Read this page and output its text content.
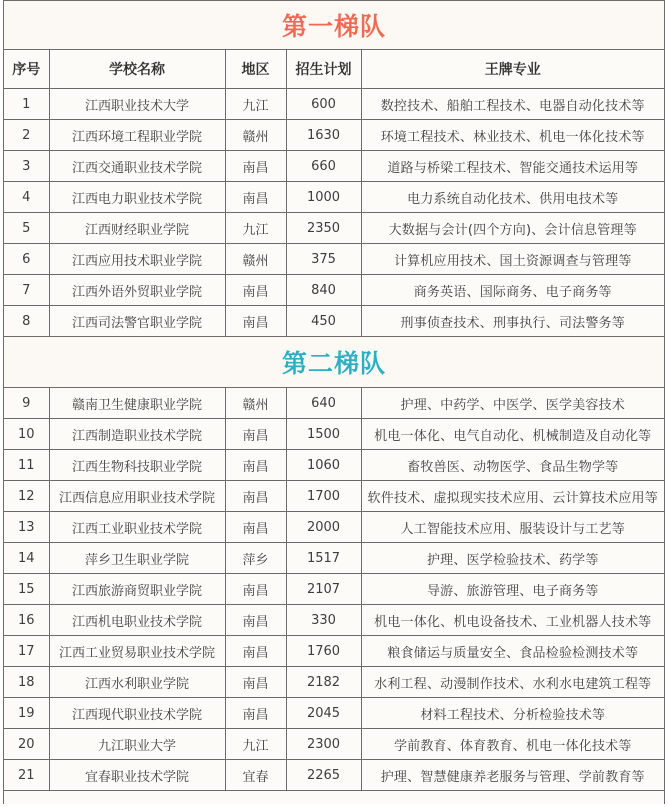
第一梯队
序号	学校名称	地区	招生计划	王牌专业
1	江西职业技术大学	九江	600	数控技术、船舶工程技术、电器自动化技术等
2	江西环境工程职业学院	赣州	1630	环境工程技术、林业技术、机电一体化技术等
3	江西交通职业技术学院	南昌	660	道路与桥梁工程技术、智能交通技术运用等
4	江西电力职业技术学院	南昌	1000	电力系统自动化技术、供用电技术等
5	江西财经职业学院	九江	2350	大数据与会计(四个方向)、会计信息管理等
6	江西应用技术职业学院	赣州	375	计算机应用技术、国土资源调查与管理等
7	江西外语外贸职业学院	南昌	840	商务英语、国际商务、电子商务等
8	江西司法警官职业学院	南昌	450	刑事侦查技术、刑事执行、司法警务等
第二梯队
9	赣南卫生健康职业学院	赣州	640	护理、中药学、中医学、医学美容技术
10	江西制造职业技术学院	南昌	1500	机电一体化、电气自动化、机械制造及自动化等
11	江西生物科技职业学院	南昌	1060	畜牧兽医、动物医学、食品生物学等
12	江西信息应用职业技术学院	南昌	1700	软件技术、虚拟现实技术应用、云计算技术应用等
13	江西工业职业技术学院	南昌	2000	人工智能技术应用、服装设计与工艺等
14	萍乡卫生职业学院	萍乡	1517	护理、医学检验技术、药学等
15	江西旅游商贸职业学院	南昌	2107	导游、旅游管理、电子商务等
16	江西机电职业技术学院	南昌	330	机电一体化、机电设备技术、工业机器人技术等
17	江西工业贸易职业技术学院	南昌	1760	粮食储运与质量安全、食品检验检测技术等
18	江西水利职业学院	南昌	2182	水利工程、动漫制作技术、水利水电建筑工程等
19	江西现代职业技术学院	南昌	2045	材料工程技术、分析检验技术等
20	九江职业大学	九江	2300	学前教育、体育教育、机电一体化技术等
21	宜春职业技术学院	宜春	2265	护理、智慧健康养老服务与管理、学前教育等
